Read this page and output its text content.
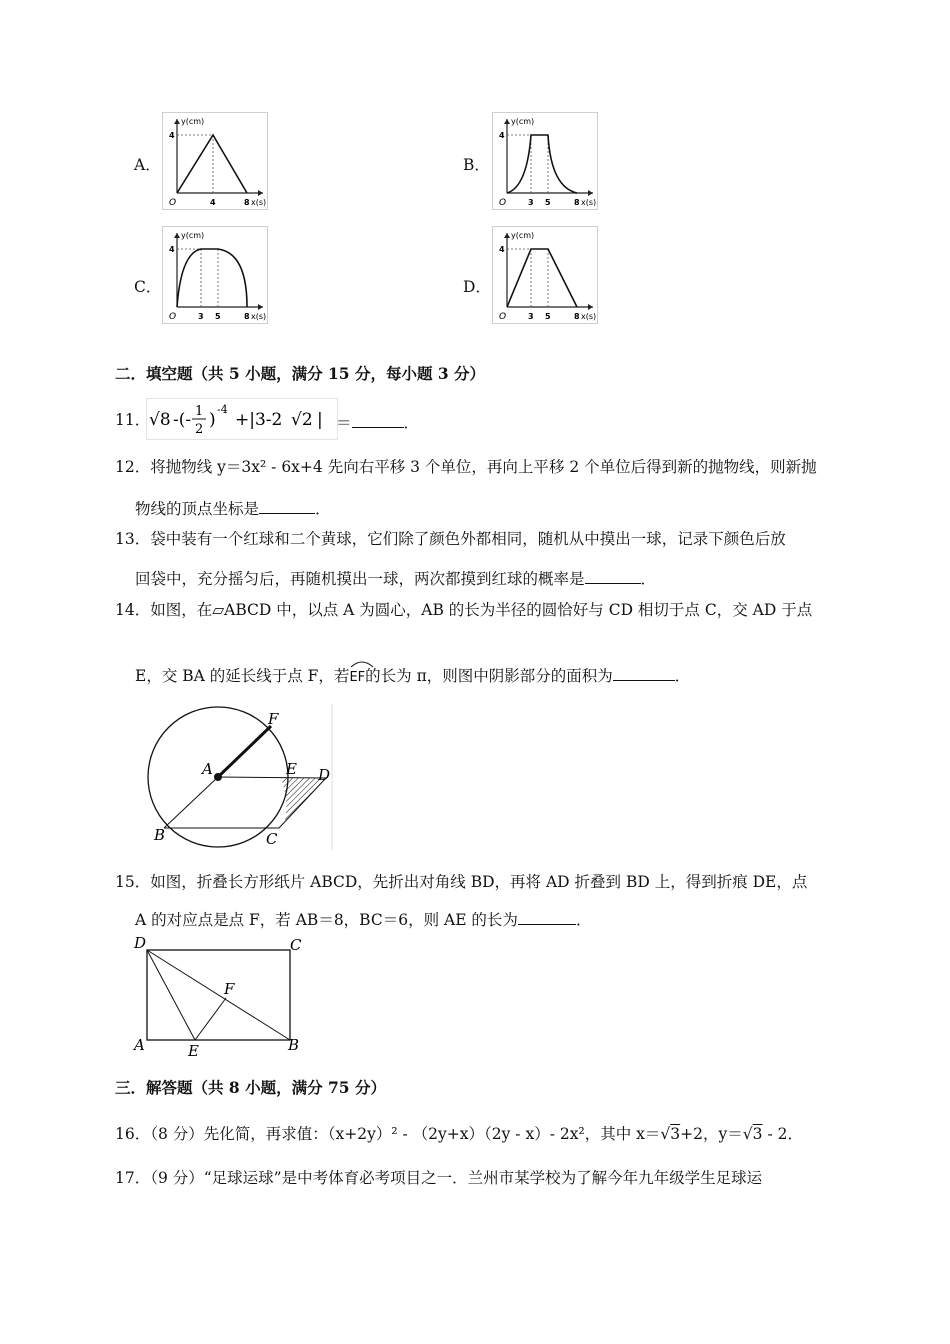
A．
y(cm)
4
O	4	8 x(s)
B．
y(cm)
4
O	3 5	8 x(s)
C．
y(cm)
4
O	3 5	8 x(s)
D．
y(cm)
4
O	3 5	8 x(s)
二．填空题（共 5 小题，满分 15 分，每小题 3 分）
11．
√8 -(- 1
2 )
-4
+|3-2 √2 | ＝	．
12．将抛物线 y＝3x² - 6x+4 先向右平移 3 个单位，再向上平移 2 个单位后得到新的抛物线，则新抛
物线的顶点坐标是	．
13．袋中装有一个红球和二个黄球，它们除了颜色外都相同，随机从中摸出一球，记录下颜色后放
回袋中，充分摇匀后，再随机摸出一球，两次都摸到红球的概率是	．
14．如图，在▱ABCD 中，以点 A 为圆心，AB 的长为半径的圆恰好与 CD 相切于点 C，交 AD 于点
E，交 BA 的延长线于点 F，若
EF的长为 π，则图中阴影部分的面积为	．
F
A	E D
B	C
15．如图，折叠长方形纸片 ABCD，先折出对角线 BD，再将 AD 折叠到 BD 上，得到折痕 DE，点
A 的对应点是点 F，若 AB＝8，BC＝6，则 AE 的长为	．
D	C
F
A	E	B
三．解答题（共 8 小题，满分 75 分）
16．（8 分）先化简，再求值：（x+2y）² - （2y+x）（2y - x）- 2x²，其中 x＝√3+2，y＝√3 - 2．
17．（9 分）“足球运球”是中考体育必考项目之一．兰州市某学校为了解今年九年级学生足球运
